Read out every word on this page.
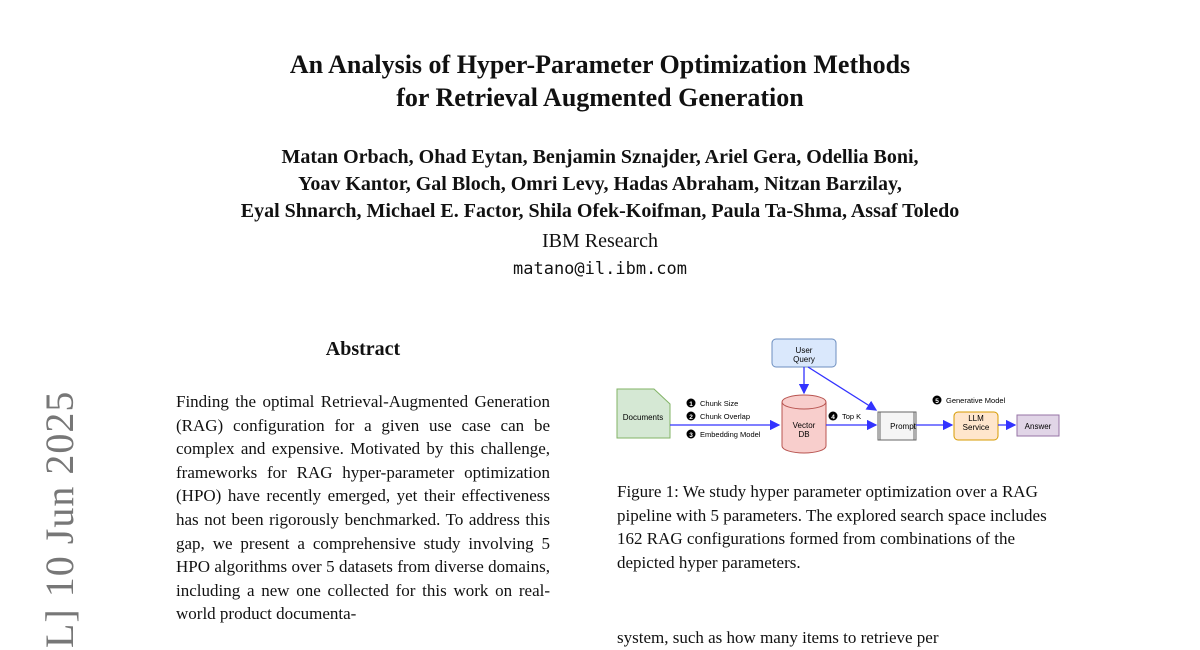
An Analysis of Hyper-Parameter Optimization Methods
for Retrieval Augmented Generation
Matan Orbach, Ohad Eytan, Benjamin Sznajder, Ariel Gera, Odellia Boni,
Yoav Kantor, Gal Bloch, Omri Levy, Hadas Abraham, Nitzan Barzilay,
Eyal Shnarch, Michael E. Factor, Shila Ofek-Koifman, Paula Ta-Shma, Assaf Toledo
IBM Research
matano@il.ibm.com
L] 10 Jun 2025
Abstract
Finding the optimal Retrieval-Augmented Generation (RAG) configuration for a given use case can be complex and expensive. Motivated by this challenge, frameworks for RAG hyper-parameter optimization (HPO) have recently emerged, yet their effectiveness has not been rigorously benchmarked. To address this gap, we present a comprehensive study involving 5 HPO algorithms over 5 datasets from diverse domains, including a new one collected for this work on real-world product documenta-
User Query
Documents
Vector DB
Prompt
LLM Service	Answer
1 Chunk Size
2 Chunk Overlap
3 Embedding Model
4 Top K
5 Generative Model
Figure 1: We study hyper parameter optimization over a RAG pipeline with 5 parameters. The explored search space includes 162 RAG configurations formed from combinations of the depicted hyper parameters.
system, such as how many items to retrieve per
